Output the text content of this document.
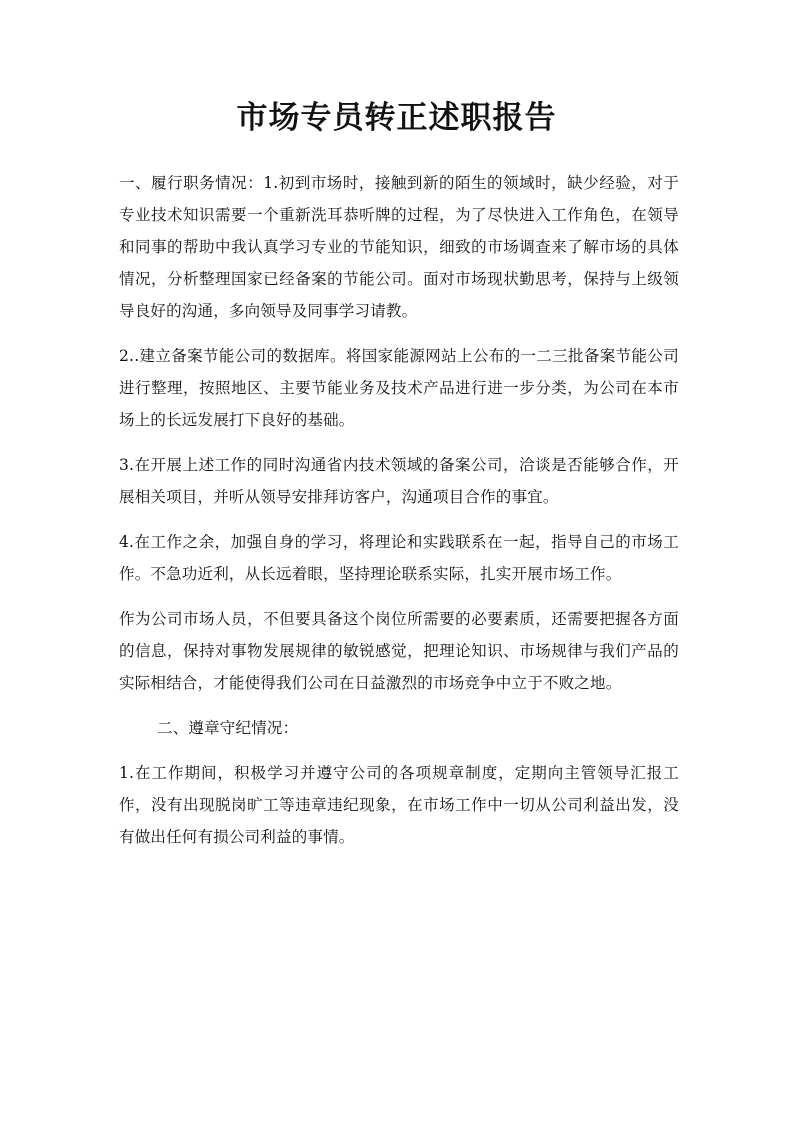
市场专员转正述职报告

一、履行职务情况：1.初到市场时，接触到新的陌生的领域时，缺少经验，对于专业技术知识需要一个重新洗耳恭听牌的过程，为了尽快进入工作角色，在领导和同事的帮助中我认真学习专业的节能知识，细致的市场调查来了解市场的具体情况，分析整理国家已经备案的节能公司。面对市场现状勤思考，保持与上级领导良好的沟通，多向领导及同事学习请教。

2..建立备案节能公司的数据库。将国家能源网站上公布的一二三批备案节能公司进行整理，按照地区、主要节能业务及技术产品进行进一步分类，为公司在本市场上的长远发展打下良好的基础。

3.在开展上述工作的同时沟通省内技术领域的备案公司，洽谈是否能够合作，开展相关项目，并听从领导安排拜访客户，沟通项目合作的事宜。

4.在工作之余，加强自身的学习，将理论和实践联系在一起，指导自己的市场工作。不急功近利，从长远着眼，坚持理论联系实际，扎实开展市场工作。

作为公司市场人员，不但要具备这个岗位所需要的必要素质，还需要把握各方面的信息，保持对事物发展规律的敏锐感觉，把理论知识、市场规律与我们产品的实际相结合，才能使得我们公司在日益激烈的市场竞争中立于不败之地。

二、遵章守纪情况：

1.在工作期间，积极学习并遵守公司的各项规章制度，定期向主管领导汇报工作，没有出现脱岗旷工等违章违纪现象，在市场工作中一切从公司利益出发，没有做出任何有损公司利益的事情。
